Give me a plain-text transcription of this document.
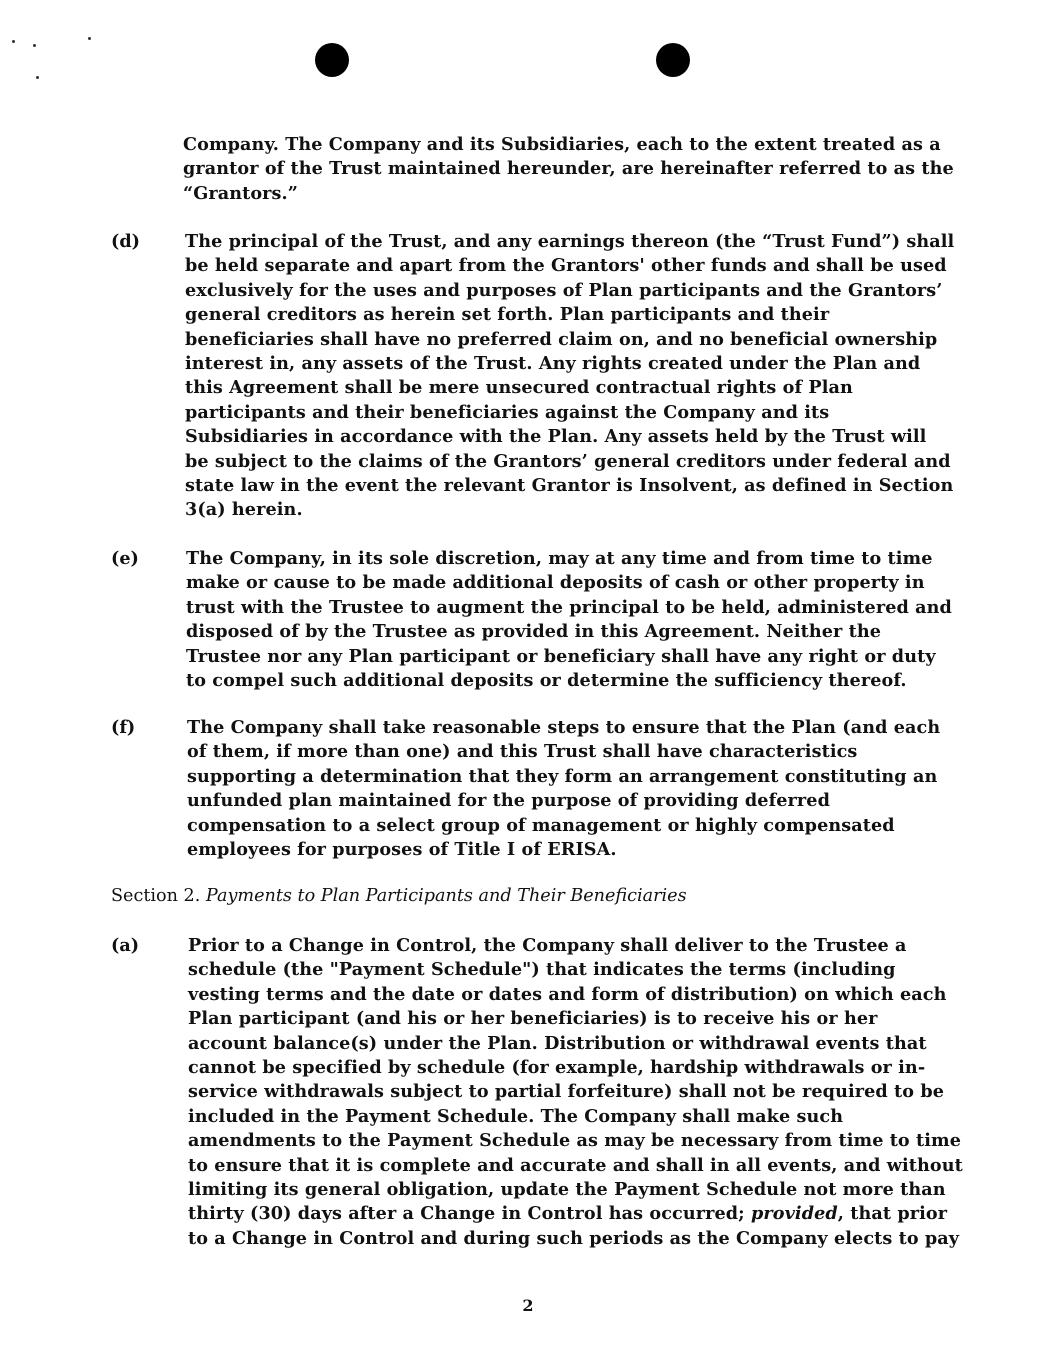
Company. The Company and its Subsidiaries, each to the extent treated as a
grantor of the Trust maintained hereunder, are hereinafter referred to as the
“Grantors.”
(d)	The principal of the Trust, and any earnings thereon (the “Trust Fund”) shall
be held separate and apart from the Grantors' other funds and shall be used
exclusively for the uses and purposes of Plan participants and the Grantors’
general creditors as herein set forth. Plan participants and their
beneficiaries shall have no preferred claim on, and no beneficial ownership
interest in, any assets of the Trust. Any rights created under the Plan and
this Agreement shall be mere unsecured contractual rights of Plan
participants and their beneficiaries against the Company and its
Subsidiaries in accordance with the Plan. Any assets held by the Trust will
be subject to the claims of the Grantors’ general creditors under federal and
state law in the event the relevant Grantor is Insolvent, as defined in Section
3(a) herein.
(e)	The Company, in its sole discretion, may at any time and from time to time
make or cause to be made additional deposits of cash or other property in
trust with the Trustee to augment the principal to be held, administered and
disposed of by the Trustee as provided in this Agreement. Neither the
Trustee nor any Plan participant or beneficiary shall have any right or duty
to compel such additional deposits or determine the sufficiency thereof.
(f)	The Company shall take reasonable steps to ensure that the Plan (and each
of them, if more than one) and this Trust shall have characteristics
supporting a determination that they form an arrangement constituting an
unfunded plan maintained for the purpose of providing deferred
compensation to a select group of management or highly compensated
employees for purposes of Title I of ERISA.
Section 2. Payments to Plan Participants and Their Beneficiaries
(a)	Prior to a Change in Control, the Company shall deliver to the Trustee a
schedule (the "Payment Schedule") that indicates the terms (including
vesting terms and the date or dates and form of distribution) on which each
Plan participant (and his or her beneficiaries) is to receive his or her
account balance(s) under the Plan. Distribution or withdrawal events that
cannot be specified by schedule (for example, hardship withdrawals or in-
service withdrawals subject to partial forfeiture) shall not be required to be
included in the Payment Schedule. The Company shall make such
amendments to the Payment Schedule as may be necessary from time to time
to ensure that it is complete and accurate and shall in all events, and without
limiting its general obligation, update the Payment Schedule not more than
thirty (30) days after a Change in Control has occurred; provided, that prior
to a Change in Control and during such periods as the Company elects to pay
2
